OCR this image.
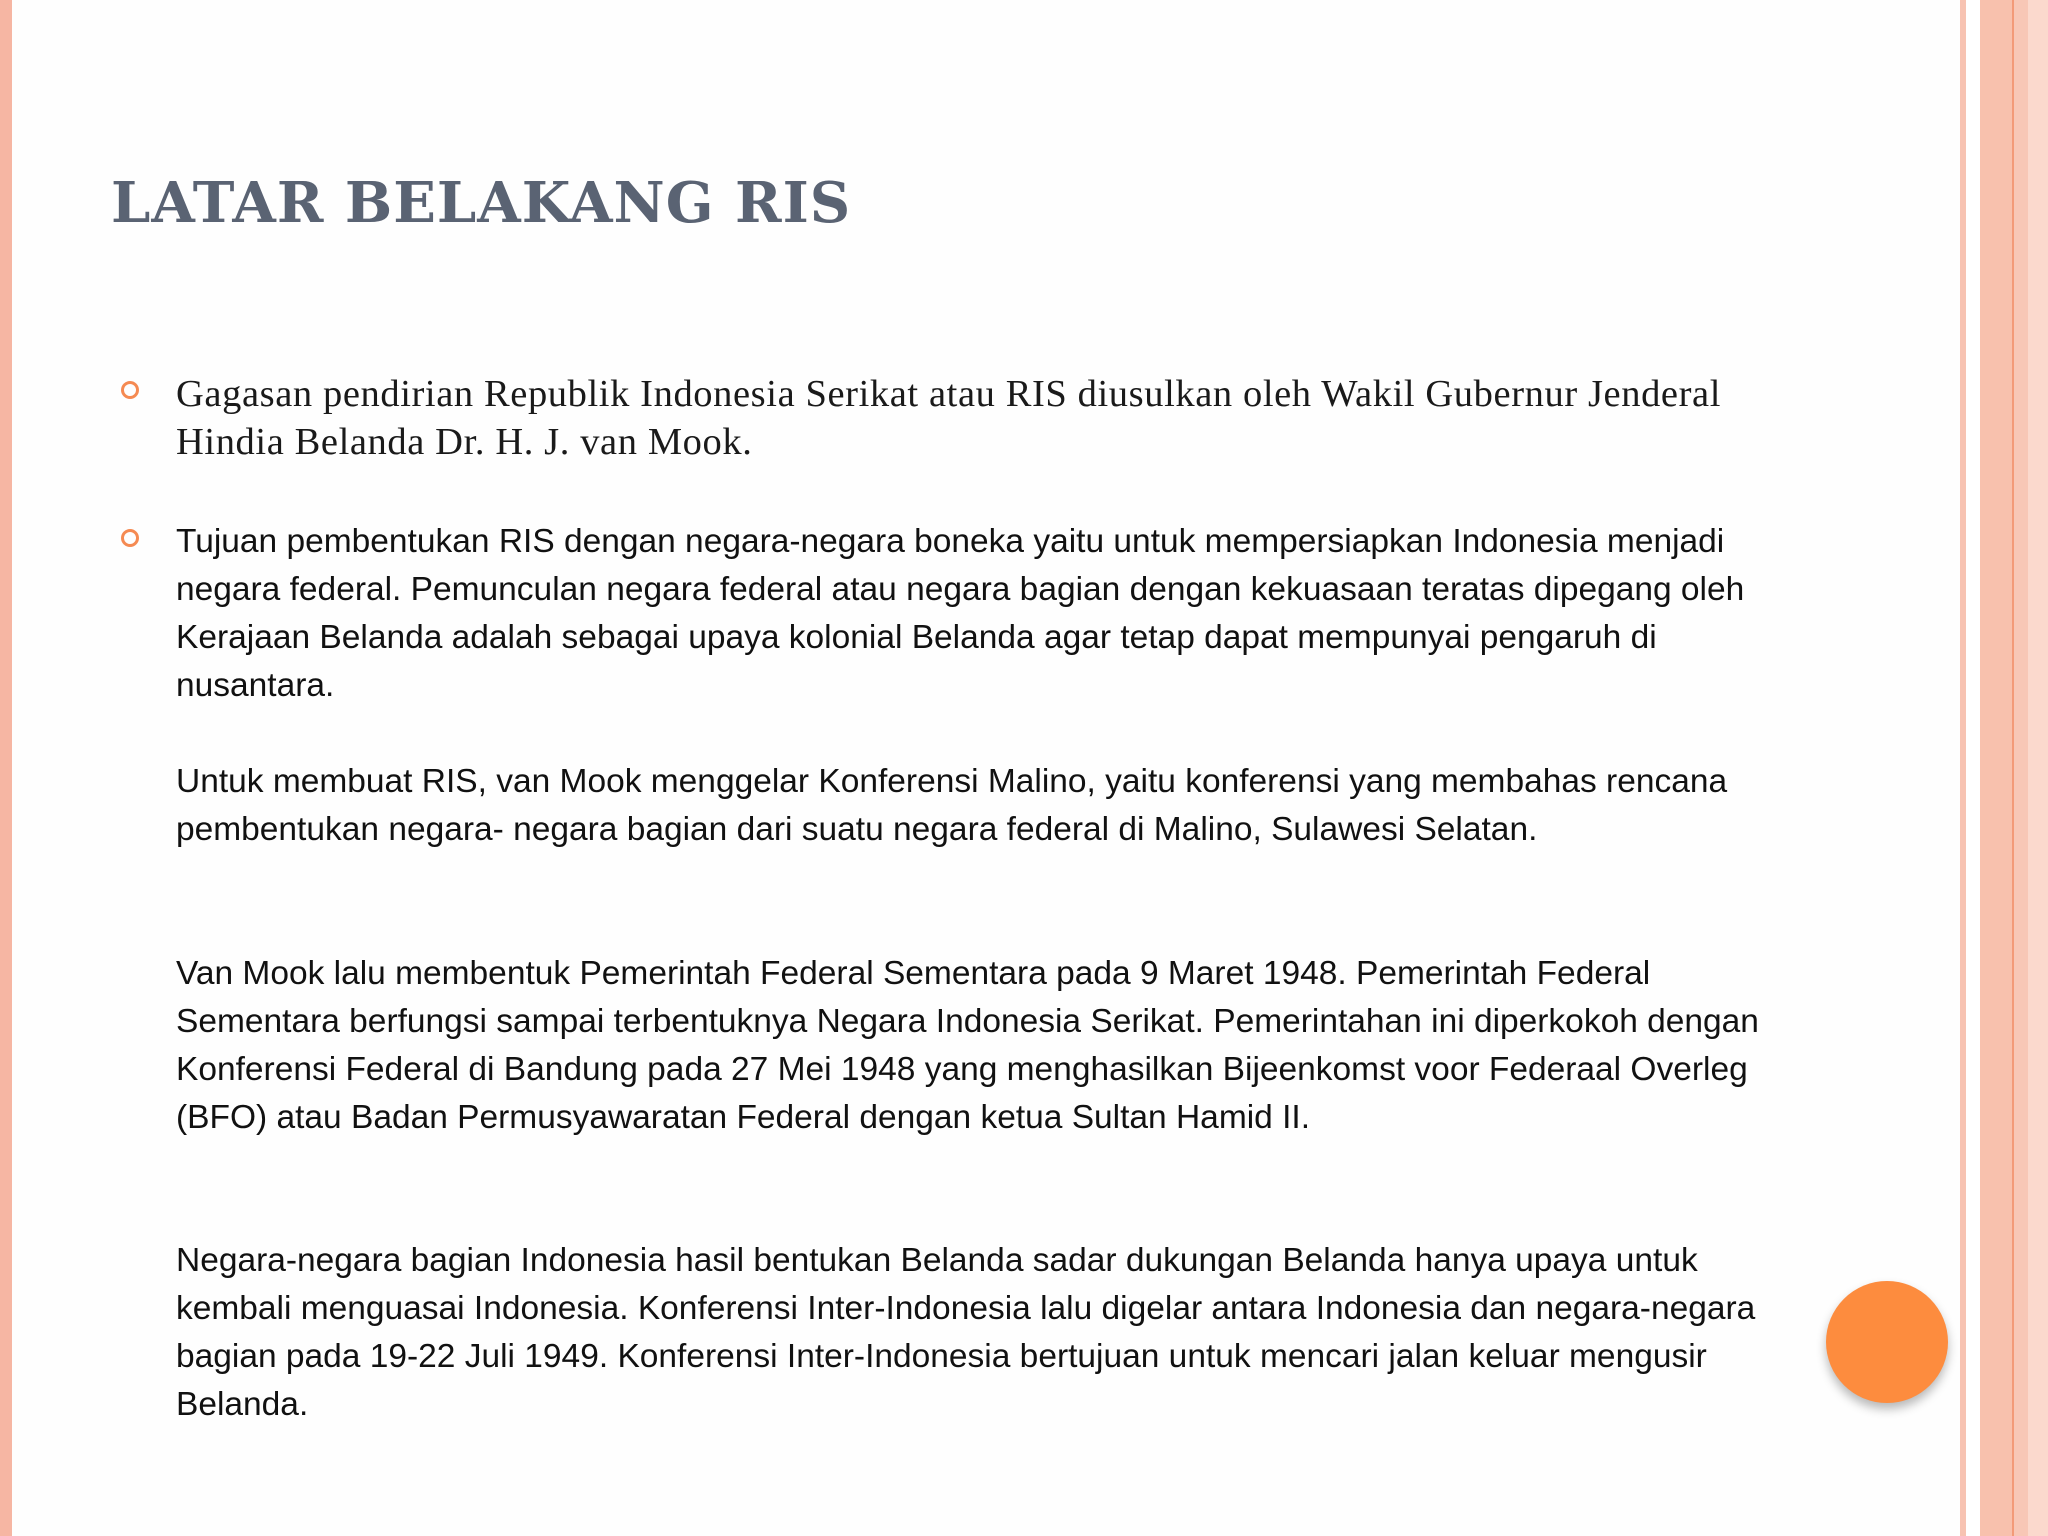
LATAR BELAKANG RIS

Gagasan pendirian Republik Indonesia Serikat atau RIS diusulkan oleh Wakil Gubernur Jenderal Hindia Belanda Dr. H. J. van Mook.

Tujuan pembentukan RIS dengan negara-negara boneka yaitu untuk mempersiapkan Indonesia menjadi negara federal. Pemunculan negara federal atau negara bagian dengan kekuasaan teratas dipegang oleh Kerajaan Belanda adalah sebagai upaya kolonial Belanda agar tetap dapat mempunyai pengaruh di nusantara.

Untuk membuat RIS, van Mook menggelar Konferensi Malino, yaitu konferensi yang membahas rencana pembentukan negara- negara bagian dari suatu negara federal di Malino, Sulawesi Selatan.

Van Mook lalu membentuk Pemerintah Federal Sementara pada 9 Maret 1948. Pemerintah Federal Sementara berfungsi sampai terbentuknya Negara Indonesia Serikat. Pemerintahan ini diperkokoh dengan Konferensi Federal di Bandung pada 27 Mei 1948 yang menghasilkan Bijeenkomst voor Federaal Overleg (BFO) atau Badan Permusyawaratan Federal dengan ketua Sultan Hamid II.

Negara-negara bagian Indonesia hasil bentukan Belanda sadar dukungan Belanda hanya upaya untuk kembali menguasai Indonesia. Konferensi Inter-Indonesia lalu digelar antara Indonesia dan negara-negara bagian pada 19-22 Juli 1949. Konferensi Inter-Indonesia bertujuan untuk mencari jalan keluar mengusir Belanda.
